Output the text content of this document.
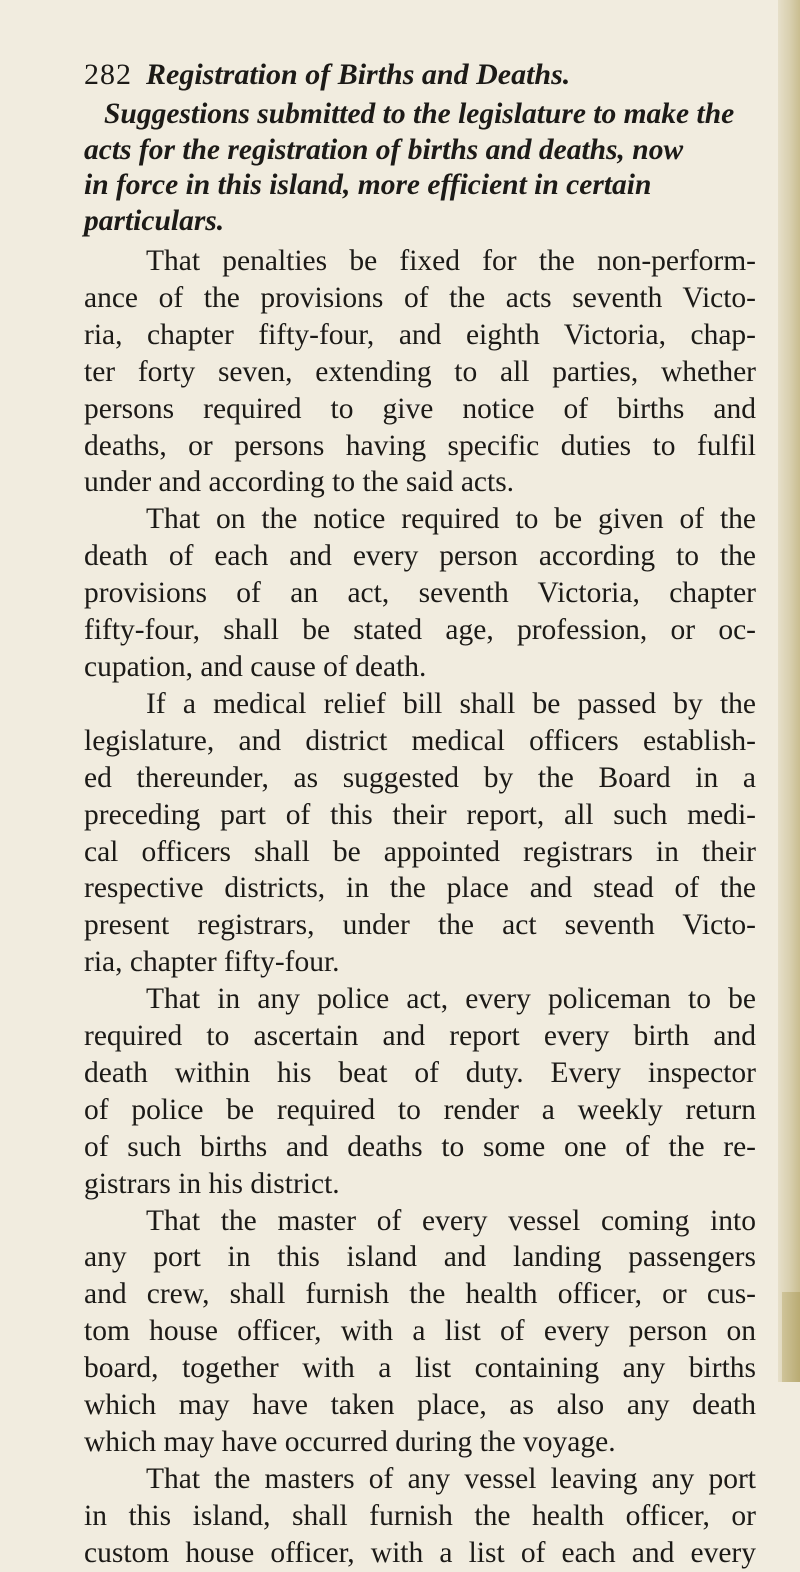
282 Registration of Births and Deaths.
Suggestions submitted to the legislature to make the
acts for the registration of births and deaths, now
in force in this island, more efficient in certain
particulars.
That penalties be fixed for the non-perform-
ance of the provisions of the acts seventh Victo-
ria, chapter fifty-four, and eighth Victoria, chap-
ter forty seven, extending to all parties, whether
persons required to give notice of births and
deaths, or persons having specific duties to fulfil
under and according to the said acts.
That on the notice required to be given of the
death of each and every person according to the
provisions of an act, seventh Victoria, chapter
fifty-four, shall be stated age, profession, or oc-
cupation, and cause of death.
If a medical relief bill shall be passed by the
legislature, and district medical officers establish-
ed thereunder, as suggested by the Board in a
preceding part of this their report, all such medi-
cal officers shall be appointed registrars in their
respective districts, in the place and stead of the
present registrars, under the act seventh Victo-
ria, chapter fifty-four.
That in any police act, every policeman to be
required to ascertain and report every birth and
death within his beat of duty. Every inspector
of police be required to render a weekly return
of such births and deaths to some one of the re-
gistrars in his district.
That the master of every vessel coming into
any port in this island and landing passengers
and crew, shall furnish the health officer, or cus-
tom house officer, with a list of every person on
board, together with a list containing any births
which may have taken place, as also any death
which may have occurred during the voyage.
That the masters of any vessel leaving any port
in this island, shall furnish the health officer, or
custom house officer, with a list of each and every
